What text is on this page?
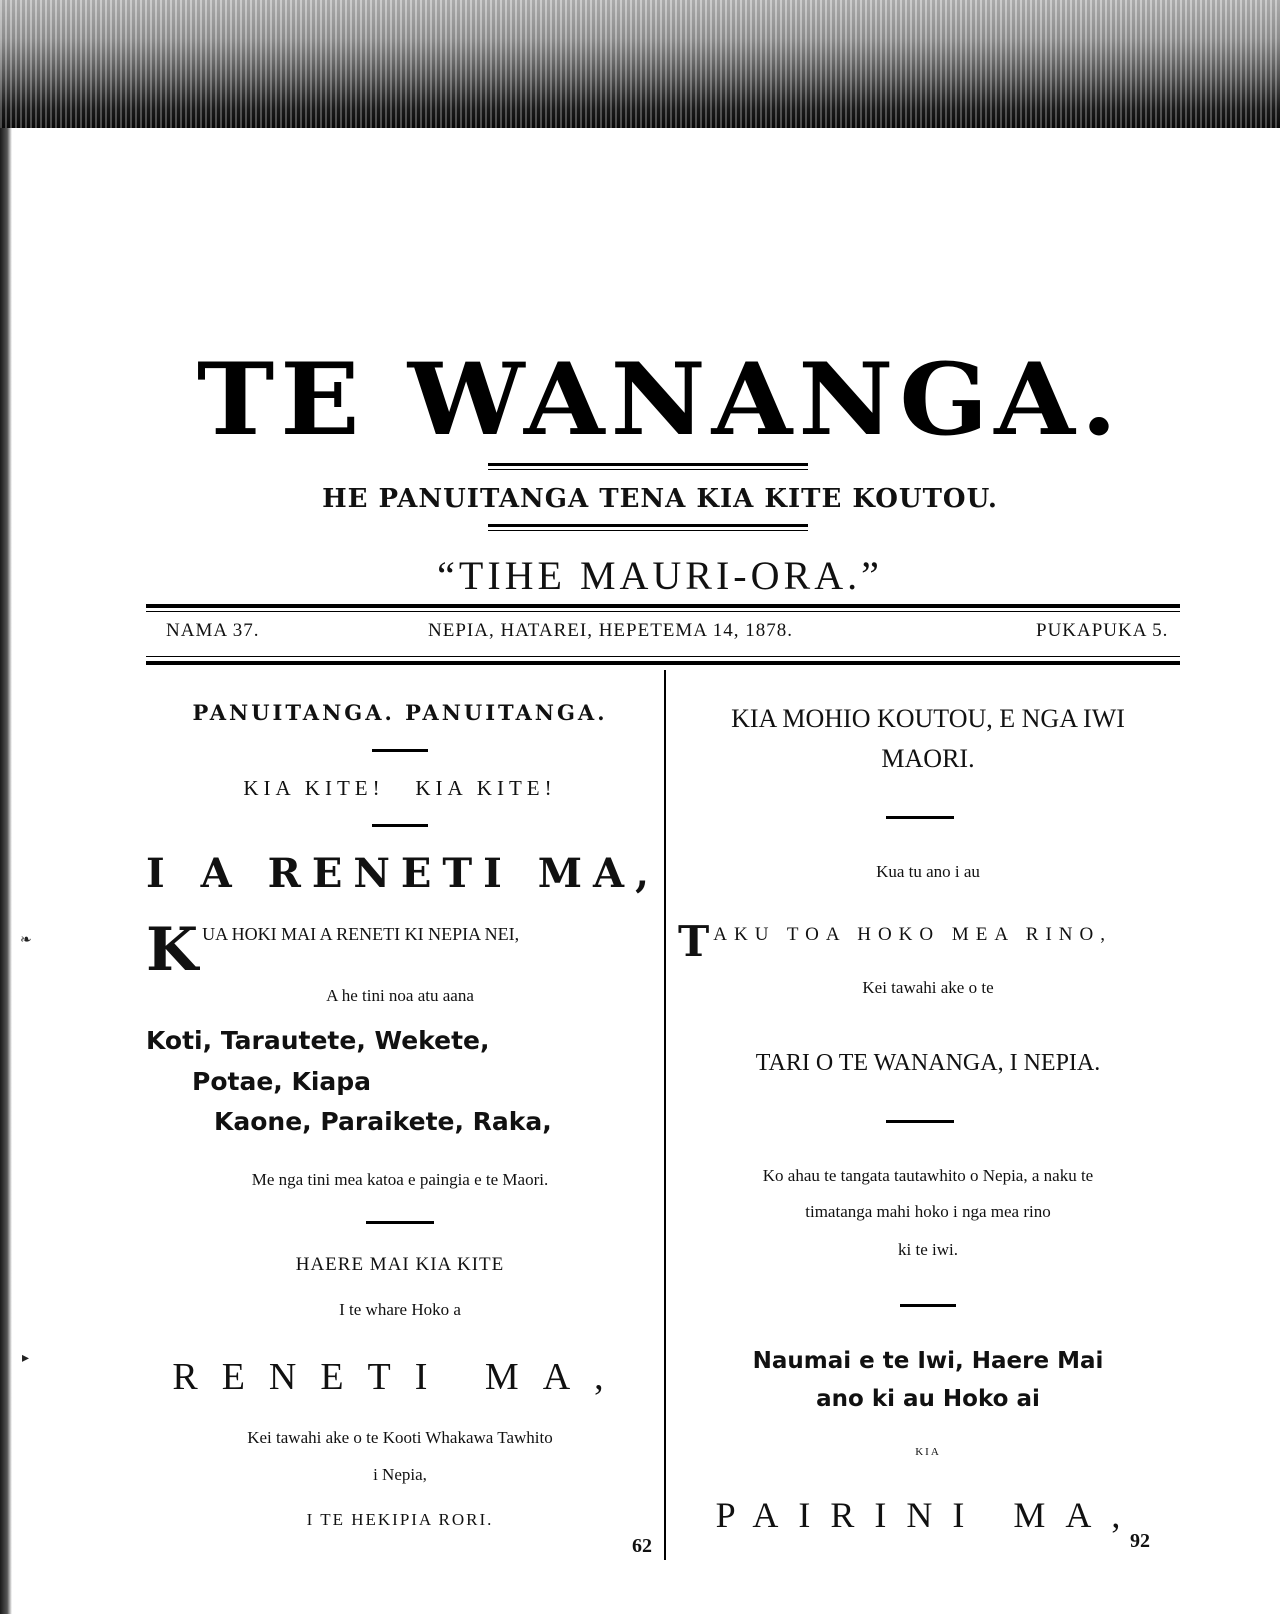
TE WANANGA.
HE PANUITANGA TENA KIA KITE KOUTOU.
“TIHE MAURI-ORA.”
NAMA 37.	NEPIA, HATAREI, HEPETEMA 14, 1878.	PUKAPUKA 5.
PANUITANGA. PANUITANGA.
KIA KITE!   KIA KITE!
I A RENETI MA,
K UA HOKI MAI A RENETI KI NEPIA NEI,
A he tini noa atu aana
Koti, Tarautete, Wekete,
Potae, Kiapa
Kaone, Paraikete, Raka,
Me nga tini mea katoa e paingia e te Maori.
HAERE MAI KIA KITE
I te whare Hoko a
RENETI MA,
Kei tawahi ake o te Kooti Whakawa Tawhito
i Nepia,
I TE HEKIPIA RORI.
62
KIA MOHIO KOUTOU, E NGA IWI
MAORI.
Kua tu ano i au
T AKU TOA HOKO MEA RINO,
Kei tawahi ake o te
TARI O TE WANANGA, I NEPIA.
Ko ahau te tangata tautawhito o Nepia, a naku te
timatanga mahi hoko i nga mea rino
ki te iwi.
Naumai e te Iwi, Haere Mai
ano ki au Hoko ai
KIA
PAIRINI MA,
92
❧
▸
